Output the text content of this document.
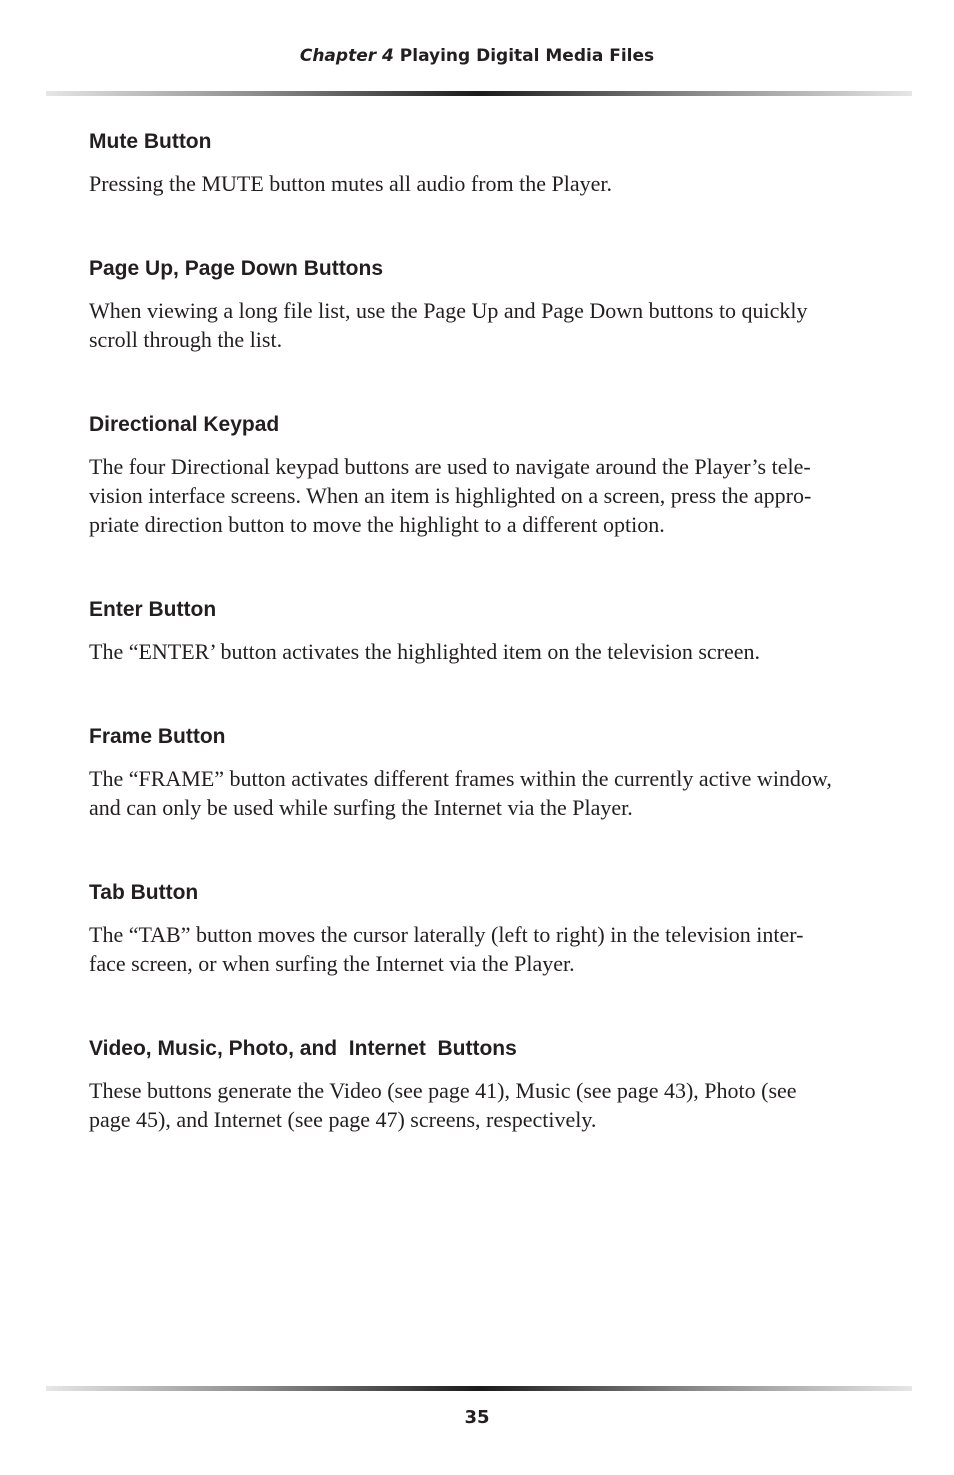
Chapter 4 Playing Digital Media Files
Mute Button
Pressing the MUTE button mutes all audio from the Player.
Page Up, Page Down Buttons
When viewing a long file list, use the Page Up and Page Down buttons to quickly
scroll through the list.
Directional Keypad
The four Directional keypad buttons are used to navigate around the Player’s tele-
vision interface screens. When an item is highlighted on a screen, press the appro-
priate direction button to move the highlight to a different option.
Enter Button
The “ENTER’ button activates the highlighted item on the television screen.
Frame Button
The “FRAME” button activates different frames within the currently active window,
and can only be used while surfing the Internet via the Player.
Tab Button
The “TAB” button moves the cursor laterally (left to right) in the television inter-
face screen, or when surfing the Internet via the Player.
Video, Music, Photo, and  Internet  Buttons
These buttons generate the Video (see page 41), Music (see page 43), Photo (see
page 45), and Internet (see page 47) screens, respectively.
35
